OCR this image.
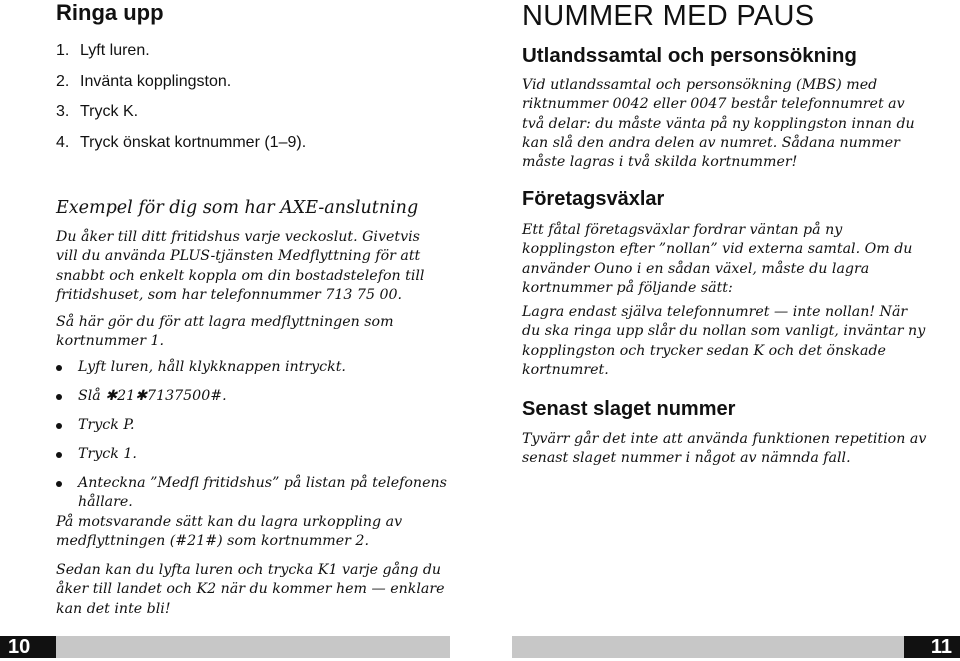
Ringa upp
1. Lyft luren.
2. Invänta kopplingston.
3. Tryck K.
4. Tryck önskat kortnummer (1–9).
Exempel för dig som har AXE-anslutning
Du åker till ditt fritidshus varje veckoslut. Givetvis vill du använda PLUS-tjänsten Medflyttning för att snabbt och enkelt koppla om din bostadstelefon till fritidshuset, som har telefonnummer 713 75 00.
Så här gör du för att lagra medflyttningen som kortnummer 1.
Lyft luren, håll klykknappen intryckt.
Slå ✱21✱7137500#.
Tryck P.
Tryck 1.
Anteckna ”Medfl fritidshus” på listan på telefonens hållare.
På motsvarande sätt kan du lagra urkoppling av medflyttningen (#21#) som kortnummer 2.
Sedan kan du lyfta luren och trycka K1 varje gång du åker till landet och K2 när du kommer hem — enklare kan det inte bli!
NUMMER MED PAUS
Utlandssamtal och personsökning
Vid utlandssamtal och personsökning (MBS) med riktnummer 0042 eller 0047 består telefonnumret av två delar: du måste vänta på ny kopplingston innan du kan slå den andra delen av numret. Sådana nummer måste lagras i två skilda kortnummer!
Företagsväxlar
Ett fåtal företagsväxlar fordrar väntan på ny kopplingston efter ”nollan” vid externa samtal. Om du använder Ouno i en sådan växel, måste du lagra kortnummer på följande sätt:
Lagra endast själva telefonnumret — inte nollan! När du ska ringa upp slår du nollan som vanligt, inväntar ny kopplingston och trycker sedan K och det önskade kortnumret.
Senast slaget nummer
Tyvärr går det inte att använda funktionen repetition av senast slaget nummer i något av nämnda fall.
10	11
